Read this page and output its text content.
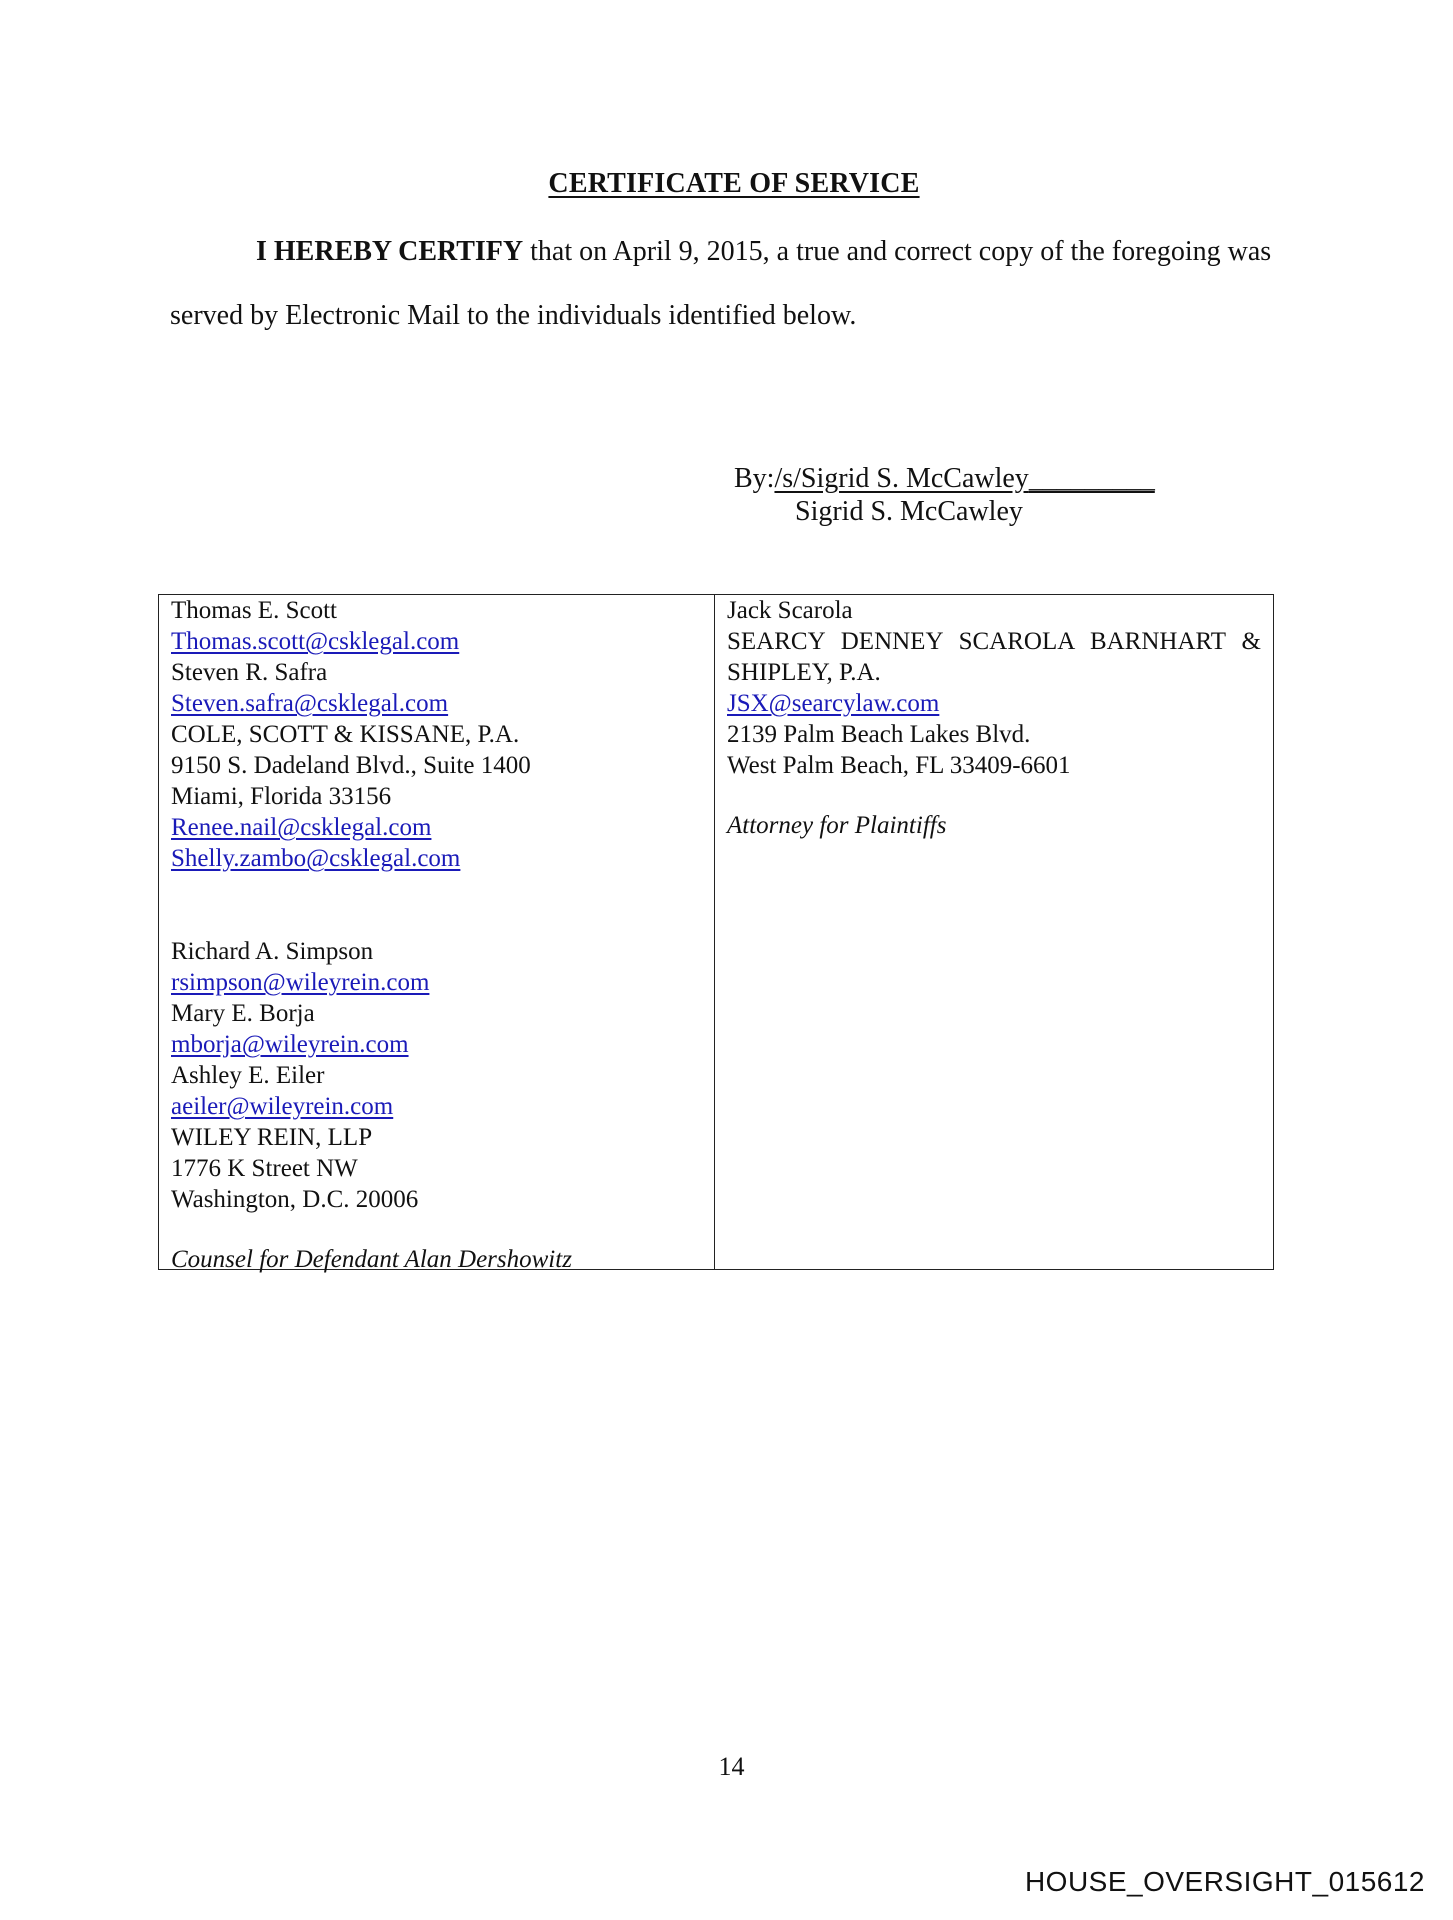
CERTIFICATE OF SERVICE
I HEREBY CERTIFY that on April 9, 2015, a true and correct copy of the foregoing was
served by Electronic Mail to the individuals identified below.
By:/s/Sigrid S. McCawley_________
Sigrid S. McCawley
Thomas E. Scott
Thomas.scott@csklegal.com
Steven R. Safra
Steven.safra@csklegal.com
COLE, SCOTT & KISSANE, P.A.
9150 S. Dadeland Blvd., Suite 1400
Miami, Florida 33156
Renee.nail@csklegal.com
Shelly.zambo@csklegal.com
Richard A. Simpson
rsimpson@wileyrein.com
Mary E. Borja
mborja@wileyrein.com
Ashley E. Eiler
aeiler@wileyrein.com
WILEY REIN, LLP
1776 K Street NW
Washington, D.C. 20006
Counsel for Defendant Alan Dershowitz
Jack Scarola
SEARCY DENNEY SCAROLA BARNHART &
SHIPLEY, P.A.
JSX@searcylaw.com
2139 Palm Beach Lakes Blvd.
West Palm Beach, FL 33409-6601
Attorney for Plaintiffs
14
HOUSE_OVERSIGHT_015612
